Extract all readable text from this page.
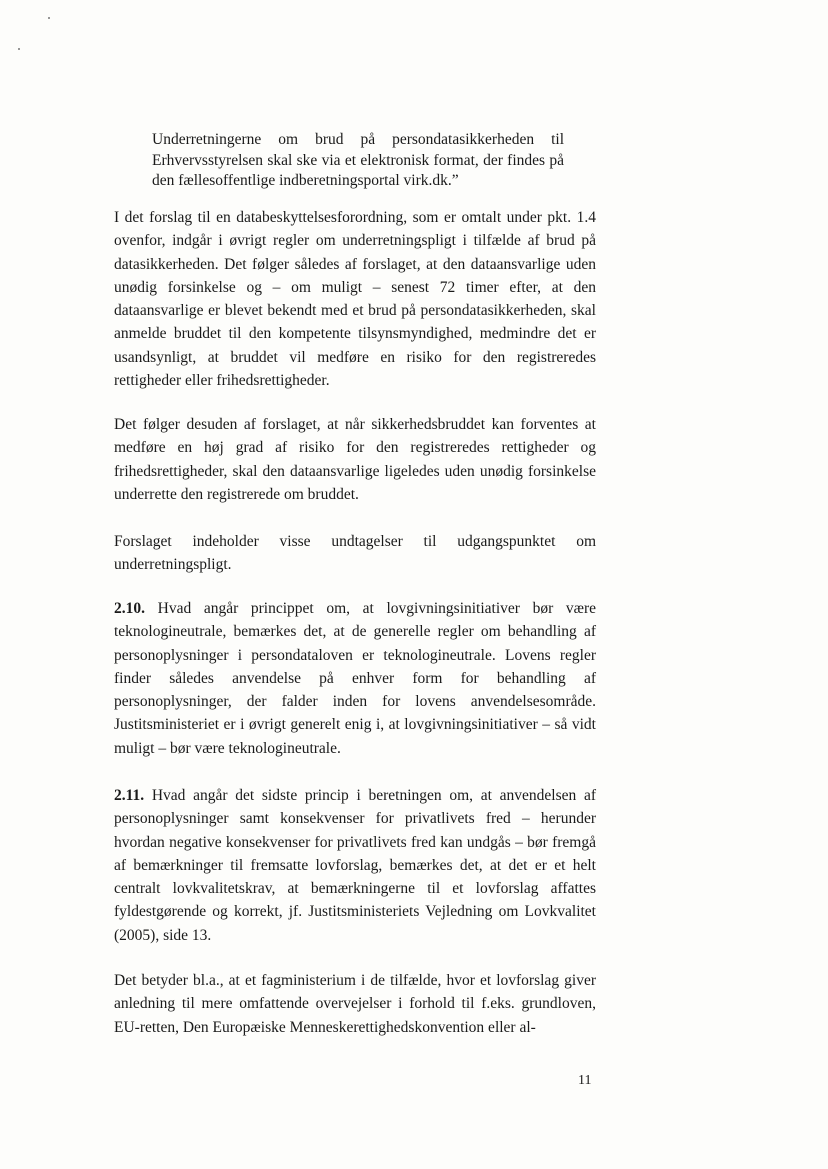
Underretningerne om brud på persondatasikkerheden til Erhvervsstyrelsen skal ske via et elektronisk format, der findes på den fællesoffentlige indberetningsportal virk.dk.”
I det forslag til en databeskyttelsesforordning, som er omtalt under pkt. 1.4 ovenfor, indgår i øvrigt regler om underretningspligt i tilfælde af brud på datasikkerheden. Det følger således af forslaget, at den dataansvarlige uden unødig forsinkelse og – om muligt – senest 72 timer efter, at den dataansvarlige er blevet bekendt med et brud på persondatasikkerheden, skal anmelde bruddet til den kompetente tilsynsmyndighed, medmindre det er usandsynligt, at bruddet vil medføre en risiko for den registreredes rettigheder eller frihedsrettigheder.
Det følger desuden af forslaget, at når sikkerhedsbruddet kan forventes at medføre en høj grad af risiko for den registreredes rettigheder og frihedsrettigheder, skal den dataansvarlige ligeledes uden unødig forsinkelse underrette den registrerede om bruddet.
Forslaget indeholder visse undtagelser til udgangspunktet om underretningspligt.
2.10. Hvad angår princippet om, at lovgivningsinitiativer bør være teknologineutrale, bemærkes det, at de generelle regler om behandling af personoplysninger i persondataloven er teknologineutrale. Lovens regler finder således anvendelse på enhver form for behandling af personoplysninger, der falder inden for lovens anvendelsesområde. Justitsministeriet er i øvrigt generelt enig i, at lovgivningsinitiativer – så vidt muligt – bør være teknologineutrale.
2.11. Hvad angår det sidste princip i beretningen om, at anvendelsen af personoplysninger samt konsekvenser for privatlivets fred – herunder hvordan negative konsekvenser for privatlivets fred kan undgås – bør fremgå af bemærkninger til fremsatte lovforslag, bemærkes det, at det er et helt centralt lovkvalitetskrav, at bemærkningerne til et lovforslag affattes fyldestgørende og korrekt, jf. Justitsministeriets Vejledning om Lovkvalitet (2005), side 13.
Det betyder bl.a., at et fagministerium i de tilfælde, hvor et lovforslag giver anledning til mere omfattende overvejelser i forhold til f.eks. grundloven, EU-retten, Den Europæiske Menneskerettighedskonvention eller al-
11
